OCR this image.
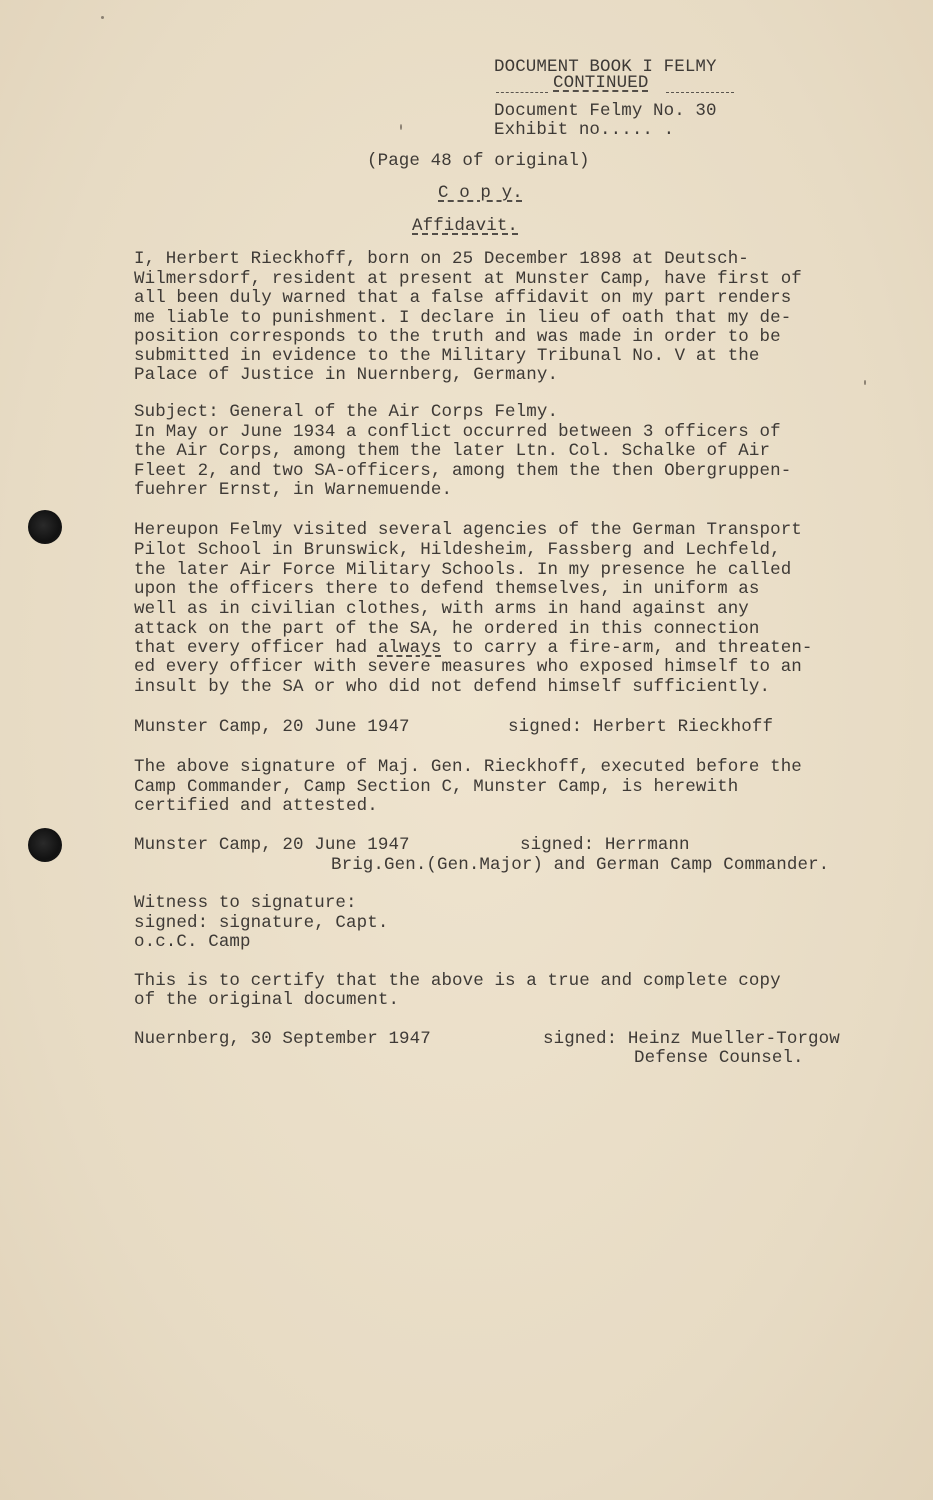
DOCUMENT BOOK I FELMY
CONTINUED
Document Felmy No. 30
Exhibit no..... .
(Page 48 of original)
C o p y.
Affidavit.
I, Herbert Rieckhoff, born on 25 December 1898 at Deutsch-
Wilmersdorf, resident at present at Munster Camp, have first of
all been duly warned that a false affidavit on my part renders
me liable to punishment. I declare in lieu of oath that my de-
position corresponds to the truth and was made in order to be
submitted in evidence to the Military Tribunal No. V at the
Palace of Justice in Nuernberg, Germany.
Subject: General of the Air Corps Felmy.
In May or June 1934 a conflict occurred between 3 officers of
the Air Corps, among them the later Ltn. Col. Schalke of Air
Fleet 2, and two SA-officers, among them the then Obergruppen-
fuehrer Ernst, in Warnemuende.
Hereupon Felmy visited several agencies of the German Transport
Pilot School in Brunswick, Hildesheim, Fassberg and Lechfeld,
the later Air Force Military Schools. In my presence he called
upon the officers there to defend themselves, in uniform as
well as in civilian clothes, with arms in hand against any
attack on the part of the SA, he ordered in this connection
that every officer had always to carry a fire-arm, and threaten-
ed every officer with severe measures who exposed himself to an
insult by the SA or who did not defend himself sufficiently.
Munster Camp, 20 June 1947	signed: Herbert Rieckhoff
The above signature of Maj. Gen. Rieckhoff, executed before the
Camp Commander, Camp Section C, Munster Camp, is herewith
certified and attested.
Munster Camp, 20 June 1947	signed: Herrmann
Brig.Gen.(Gen.Major) and German Camp Commander.
Witness to signature:
signed: signature, Capt.
o.c.C. Camp
This is to certify that the above is a true and complete copy
of the original document.
Nuernberg, 30 September 1947	signed: Heinz Mueller-Torgow
Defense Counsel.
